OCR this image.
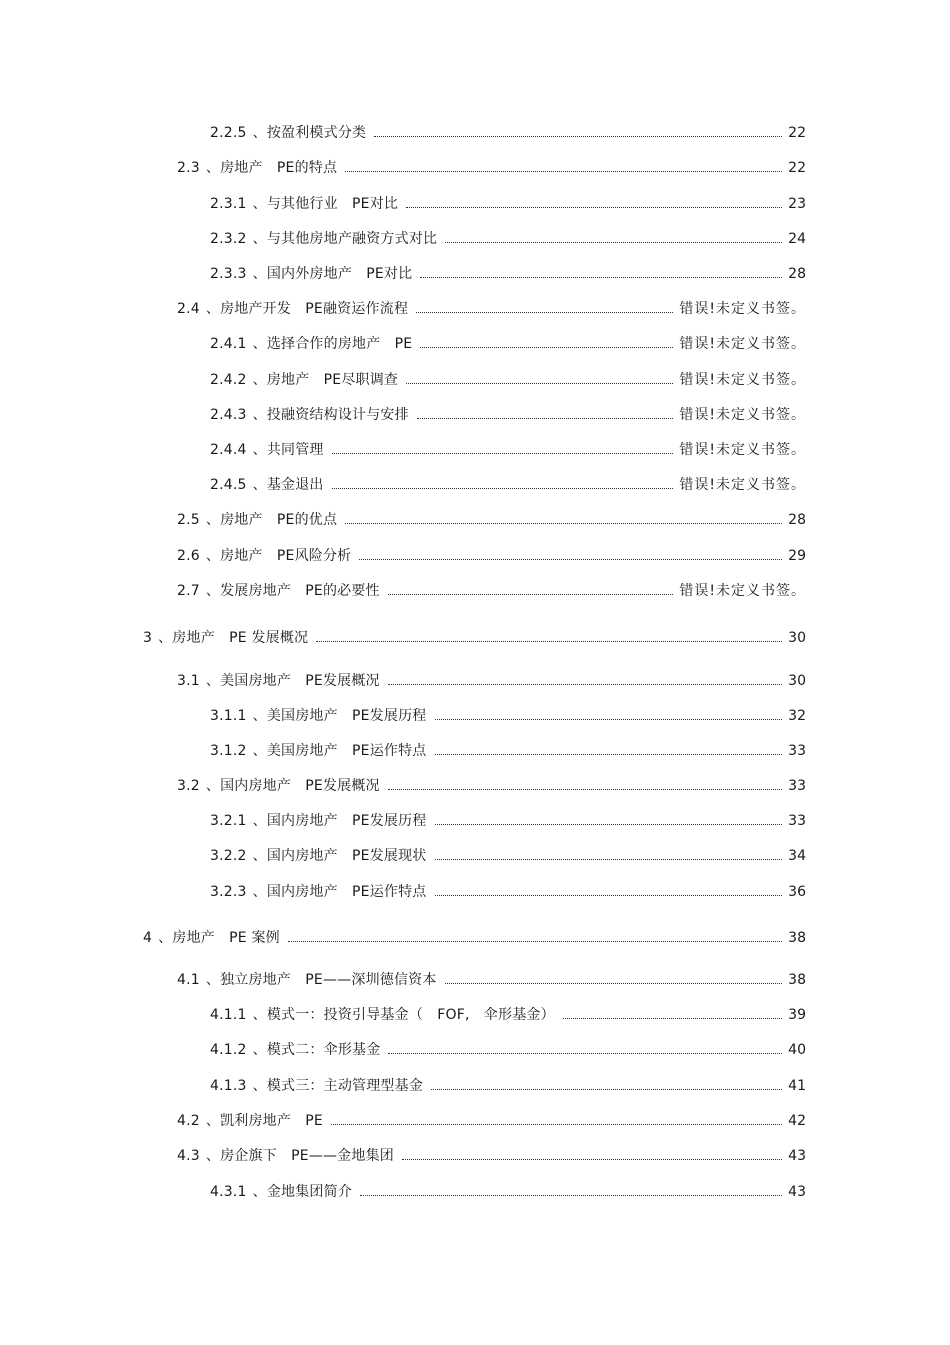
2.2.5 、按盈利模式分类	22
2.3 、房地产　PE的特点	22
2.3.1 、与其他行业　PE对比	23
2.3.2 、与其他房地产融资方式对比	24
2.3.3 、国内外房地产　PE对比	28
2.4 、房地产开发　PE融资运作流程	错误!未定义书签。
2.4.1 、选择合作的房地产　PE	错误!未定义书签。
2.4.2 、房地产　PE尽职调查	错误!未定义书签。
2.4.3 、投融资结构设计与安排	错误!未定义书签。
2.4.4 、共同管理	错误!未定义书签。
2.4.5 、基金退出	错误!未定义书签。
2.5 、房地产　PE的优点	28
2.6 、房地产　PE风险分析	29
2.7 、发展房地产　PE的必要性	错误!未定义书签。
3 、房地产　PE 发展概况	30
3.1 、美国房地产　PE发展概况	30
3.1.1 、美国房地产　PE发展历程	32
3.1.2 、美国房地产　PE运作特点	33
3.2 、国内房地产　PE发展概况	33
3.2.1 、国内房地产　PE发展历程	33
3.2.2 、国内房地产　PE发展现状	34
3.2.3 、国内房地产　PE运作特点	36
4 、房地产　PE 案例	38
4.1 、独立房地产　PE——深圳德信资本	38
4.1.1 、模式一：投资引导基金（　FOF,　伞形基金）	39
4.1.2 、模式二：伞形基金	40
4.1.3 、模式三：主动管理型基金	41
4.2 、凯利房地产　PE	42
4.3 、房企旗下　PE——金地集团	43
4.3.1 、金地集团简介	43
